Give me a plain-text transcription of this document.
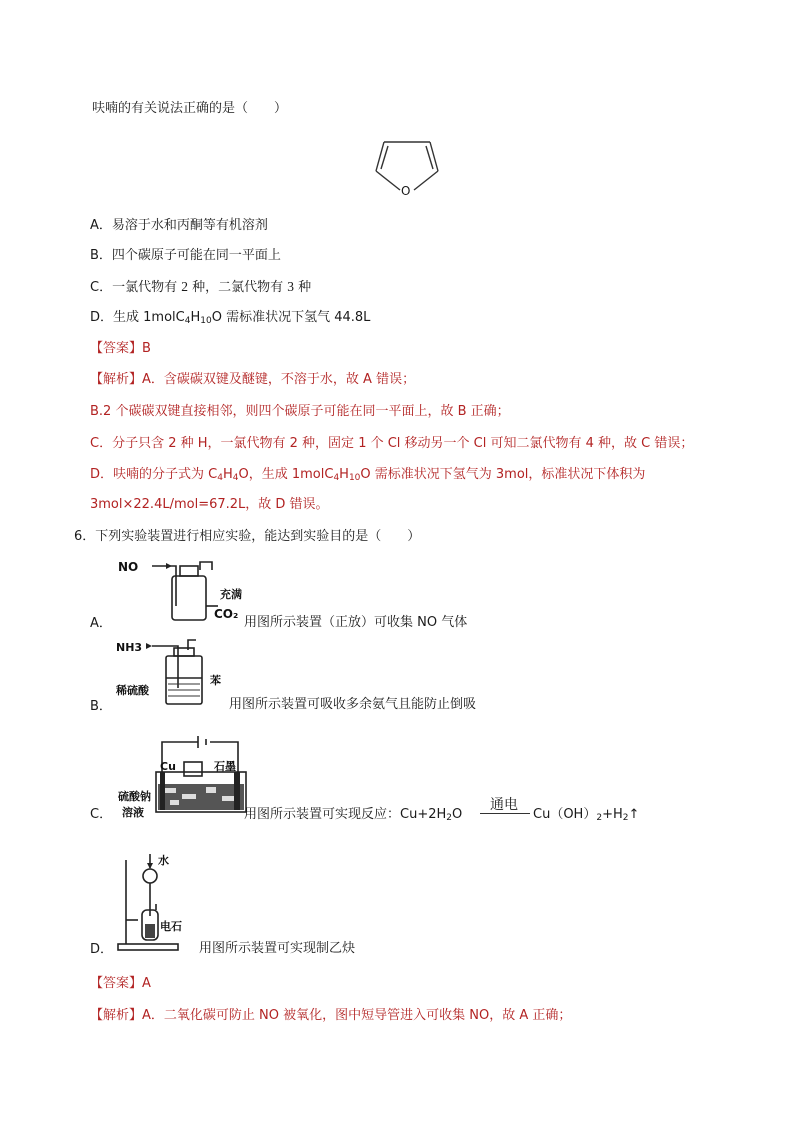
呋喃的有关说法正确的是（　　）
O
A．易溶于水和丙酮等有机溶剂
B．四个碳原子可能在同一平面上
C．一氯代物有 2 种，二氯代物有 3 种
D．生成 $1molC_4H_{10}O$ 需标准状况下氢气 44.8L
【答案】B
【解析】A．含碳碳双键及醚键，不溶于水，故 A 错误；
B.2 个碳碳双键直接相邻，则四个碳原子可能在同一平面上，故 B 正确；
C．分子只含 2 种 H，一氯代物有 2 种，固定 1 个 Cl 移动另一个 Cl 可知二氯代物有 4 种，故 C 错误；
D．呋喃的分子式为 $C_4H_4O$，生成 $1molC_4H_{10}O$ 需标准状况下氢气为 3mol，标准状况下体积为
3mol×22.4L/mol=67.2L，故 D 错误。
6．下列实验装置进行相应实验，能达到实验目的是（　　）
NO
充满
CO₂
A．	用图所示装置（正放）可收集 NO 气体
NH3
苯
稀硫酸
B．	用图所示装置可吸收多余氨气且能防止倒吸
Cu	石墨
硫酸钠
溶液
C．	用图所示装置可实现反应：$Cu+2H_2O$
通电
$Cu(OH)_2+H_2↑$
水
电石
D．	用图所示装置可实现制乙炔
【答案】A
【解析】A．二氧化碳可防止 NO 被氧化，图中短导管进入可收集 NO，故 A 正确；
